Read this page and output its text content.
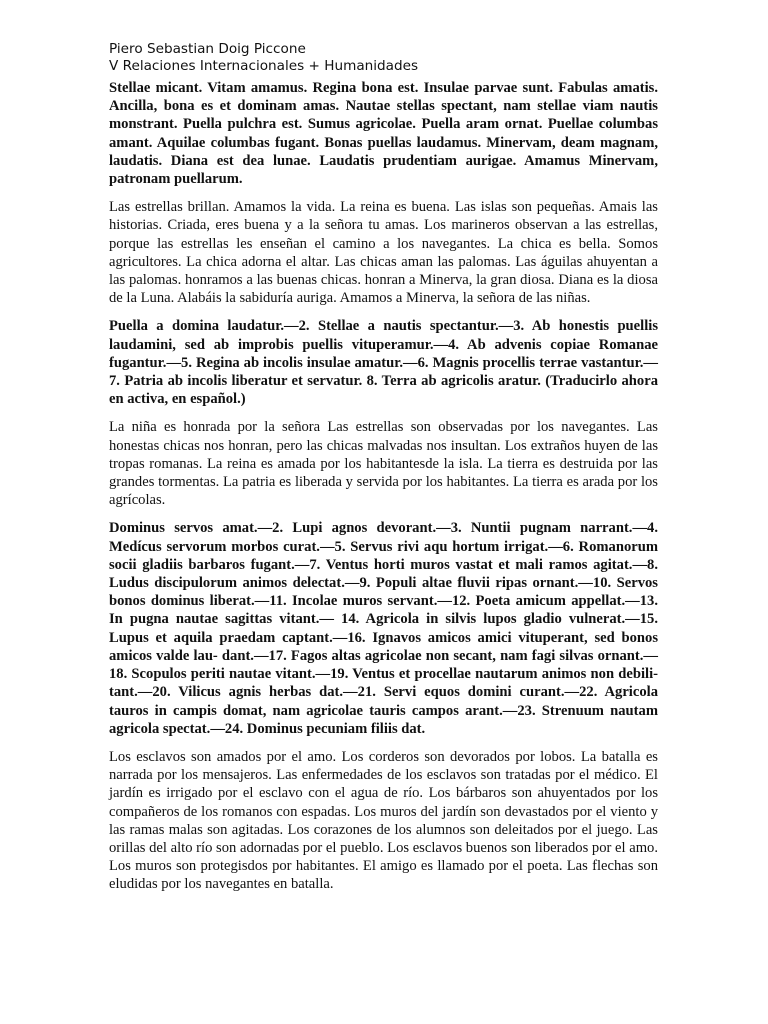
Piero Sebastian Doig Piccone

V Relaciones Internacionales + Humanidades

Stellae micant. Vitam amamus. Regina bona est. Insulae parvae sunt. Fabulas amatis. Ancilla, bona es et dominam amas. Nautae stellas spectant, nam stellae viam nautis monstrant. Puella pulchra est. Sumus agricolae. Puella aram ornat. Puellae columbas amant. Aquilae columbas fugant. Bonas puellas laudamus. Minervam, deam magnam, laudatis. Diana est dea lunae. Laudatis prudentiam aurigae. Amamus Minervam, patronam puellarum.

Las estrellas brillan. Amamos la vida. La reina es buena. Las islas son pequeñas. Amais las historias. Criada, eres buena y a la señora tu amas. Los marineros observan a las estrellas, porque las estrellas les enseñan el camino a los navegantes. La chica es bella. Somos agricultores. La chica adorna el altar. Las chicas aman las palomas. Las águilas ahuyentan a las palomas. honramos a las buenas chicas. honran a Minerva, la gran diosa. Diana es la diosa de la Luna. Alabáis la sabiduría auriga. Amamos a Minerva, la señora de las niñas.

Puella a domina laudatur.—2. Stellae a nautis spectantur.—3. Ab honestis puellis laudamini, sed ab improbis puellis vituperamur.—4. Ab advenis copiae Romanae fugantur.—5. Regina ab incolis insulae amatur.—6. Magnis procellis terrae vastantur.—7. Patria ab incolis liberatur et servatur. 8. Terra ab agricolis aratur. (Traducirlo ahora en activa, en español.)

La niña es honrada por la señora Las estrellas son observadas por los navegantes. Las honestas chicas nos honran, pero las chicas malvadas nos insultan. Los extraños huyen de las tropas romanas. La reina es amada por los habitantesde la isla. La tierra es destruida por las grandes tormentas. La patria es liberada y servida por los habitantes. La tierra es arada por los agrícolas.

Dominus servos amat.—2. Lupi agnos devorant.—3. Nuntii pugnam narrant.—4. Medícus servorum morbos curat.—5. Servus rivi aqu hortum irrigat.—6. Romanorum socii gladiis barbaros fugant.—7. Ventus horti muros vastat et mali ramos agitat.—8. Ludus discipulorum animos delectat.—9. Populi altae fluvii ripas ornant.—10. Servos bonos dominus liberat.—11. Incolae muros servant.—12. Poeta amicum appellat.—13. In pugna nautae sagittas vitant.— 14. Agricola in silvis lupos gladio vulnerat.—15. Lupus et aquila praedam captant.—16. Ignavos amicos amici vituperant, sed bonos amicos valde lau- dant.—17. Fagos altas agricolae non secant, nam fagi silvas ornant.—18. Scopulos periti nautae vitant.—19. Ventus et procellae nautarum animos non debili- tant.—20. Vilicus agnis herbas dat.—21. Servi equos domini curant.—22. Agricola tauros in campis domat, nam agricolae tauris campos arant.—23. Strenuum nautam agricola spectat.—24. Dominus pecuniam filiis dat.

Los esclavos son amados por el amo. Los corderos son devorados por lobos. La batalla es narrada por los mensajeros. Las enfermedades de los esclavos son tratadas por el médico. El jardín es irrigado por el esclavo con el agua de río. Los bárbaros son ahuyentados por los compañeros de los romanos con espadas. Los muros del jardín son devastados por el viento y las ramas malas son agitadas. Los corazones de los alumnos son deleitados por el juego. Las orillas del alto río son adornadas por el pueblo. Los esclavos buenos son liberados por el amo. Los muros son protegisdos por habitantes. El amigo es llamado por el poeta. Las flechas son eludidas por los navegantes en batalla.
